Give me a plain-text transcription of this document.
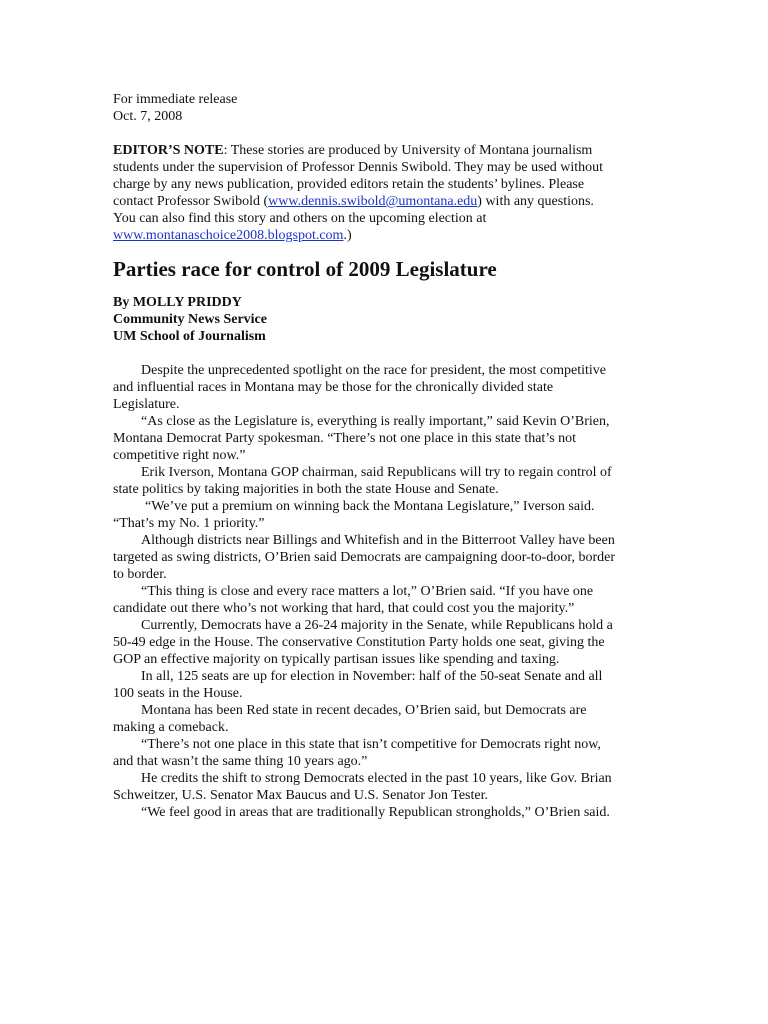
For immediate release
Oct. 7, 2008
EDITOR’S NOTE: These stories are produced by University of Montana journalism
students under the supervision of Professor Dennis Swibold. They may be used without
charge by any news publication, provided editors retain the students’ bylines. Please
contact Professor Swibold (www.dennis.swibold@umontana.edu) with any questions.
You can also find this story and others on the upcoming election at
www.montanaschoice2008.blogspot.com.)
Parties race for control of 2009 Legislature
By MOLLY PRIDDY
Community News Service
UM School of Journalism
Despite the unprecedented spotlight on the race for president, the most competitive
and influential races in Montana may be those for the chronically divided state
Legislature.
“As close as the Legislature is, everything is really important,” said Kevin O’Brien,
Montana Democrat Party spokesman. “There’s not one place in this state that’s not
competitive right now.”
Erik Iverson, Montana GOP chairman, said Republicans will try to regain control of
state politics by taking majorities in both the state House and Senate.
“We’ve put a premium on winning back the Montana Legislature,” Iverson said.
“That’s my No. 1 priority.”
Although districts near Billings and Whitefish and in the Bitterroot Valley have been
targeted as swing districts, O’Brien said Democrats are campaigning door-to-door, border
to border.
“This thing is close and every race matters a lot,” O’Brien said. “If you have one
candidate out there who’s not working that hard, that could cost you the majority.”
Currently, Democrats have a 26-24 majority in the Senate, while Republicans hold a
50-49 edge in the House. The conservative Constitution Party holds one seat, giving the
GOP an effective majority on typically partisan issues like spending and taxing.
In all, 125 seats are up for election in November: half of the 50-seat Senate and all
100 seats in the House.
Montana has been Red state in recent decades, O’Brien said, but Democrats are
making a comeback.
“There’s not one place in this state that isn’t competitive for Democrats right now,
and that wasn’t the same thing 10 years ago.”
He credits the shift to strong Democrats elected in the past 10 years, like Gov. Brian
Schweitzer, U.S. Senator Max Baucus and U.S. Senator Jon Tester.
“We feel good in areas that are traditionally Republican strongholds,” O’Brien said.
